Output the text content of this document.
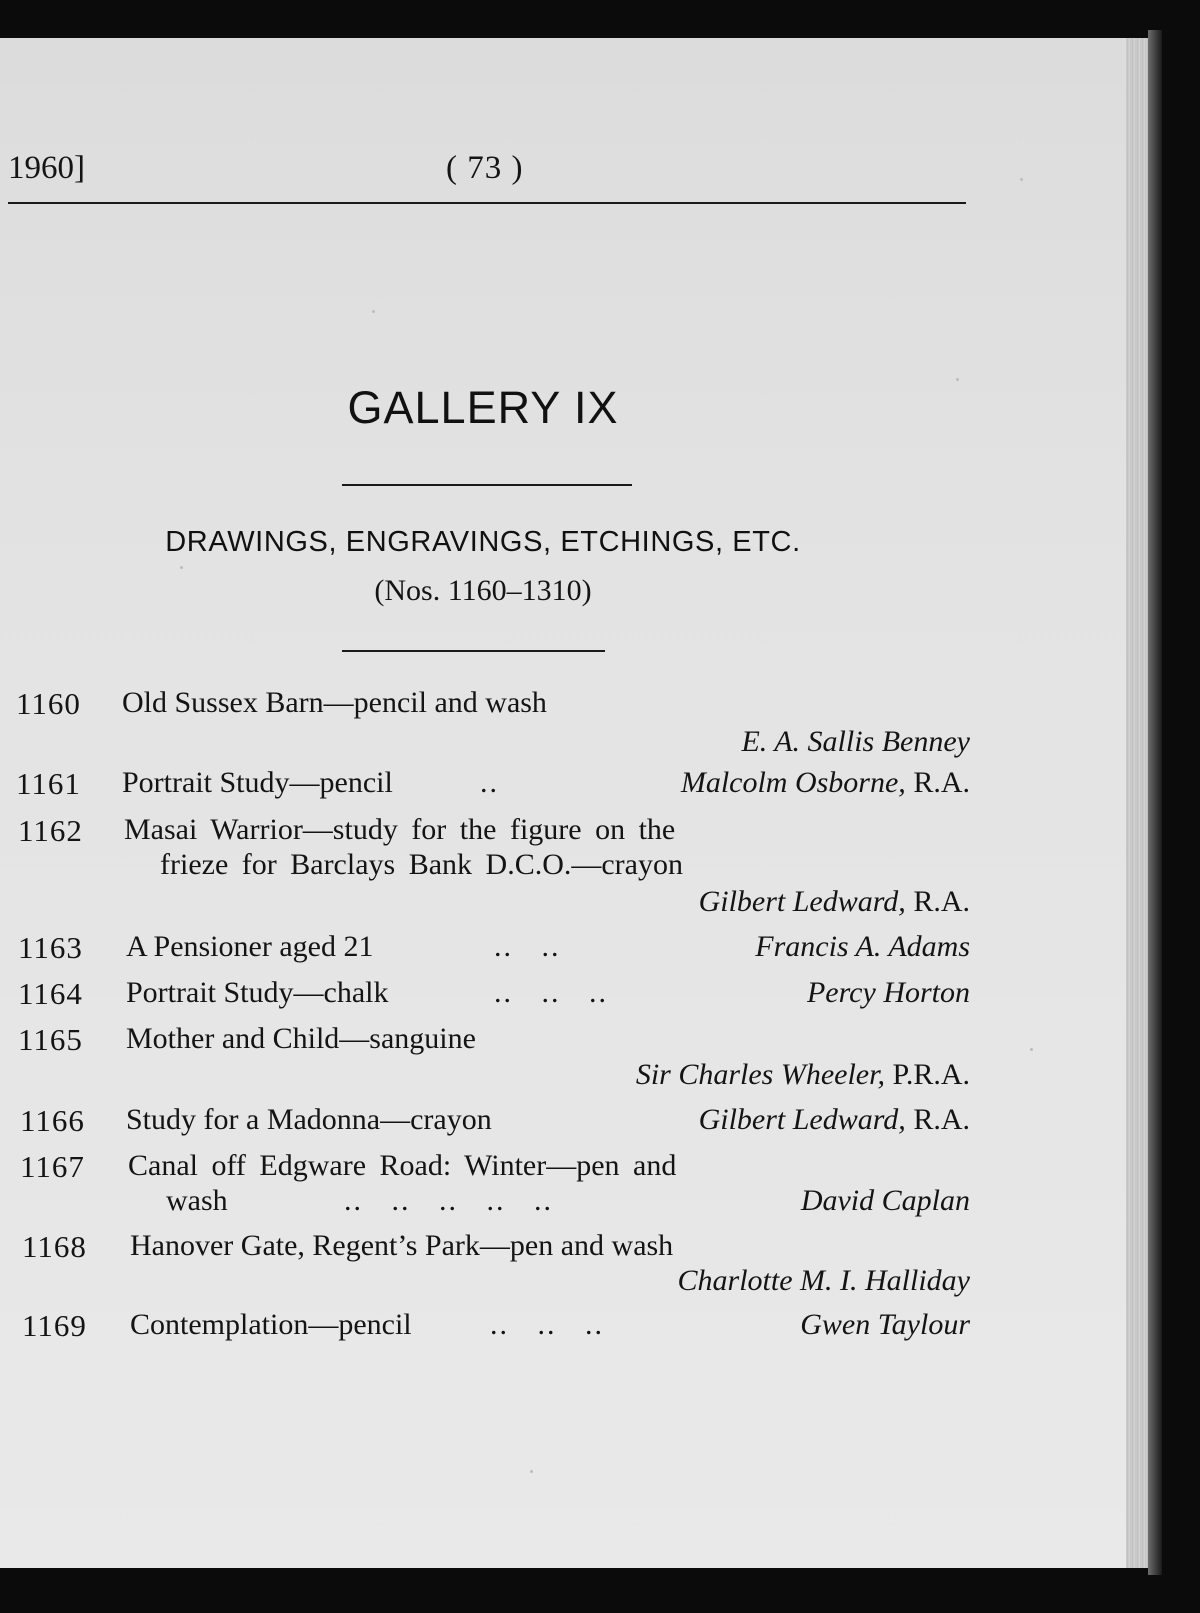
1960]	( 73 )
GALLERY IX
DRAWINGS, ENGRAVINGS, ETCHINGS, ETC.
(Nos. 1160–1310)
1160 Old Sussex Barn—pencil and wash
E. A. Sallis Benney
1161 Portrait Study—pencil	..	Malcolm Osborne, R.A.
1162 Masai Warrior—study for the figure on the
frieze for Barclays Bank D.C.O.—crayon
Gilbert Ledward, R.A.
1163 A Pensioner aged 21	..   ..	Francis A. Adams
1164 Portrait Study—chalk	..   ..   ..	Percy Horton
1165 Mother and Child—sanguine
Sir Charles Wheeler, P.R.A.
1166 Study for a Madonna—crayon	Gilbert Ledward, R.A.
1167 Canal off Edgware Road: Winter—pen and
wash	..   ..   ..   ..   ..	David Caplan
1168 Hanover Gate, Regent’s Park—pen and wash
Charlotte M. I. Halliday
1169 Contemplation—pencil	..   ..   ..	Gwen Taylour
